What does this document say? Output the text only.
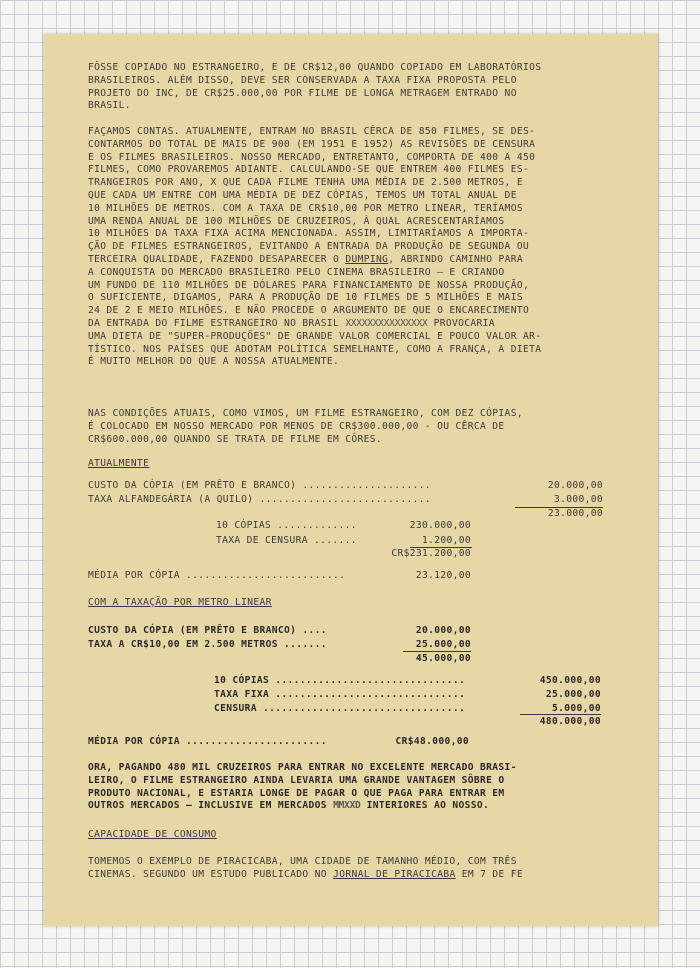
FÔSSE COPIADO NO ESTRANGEIRO, E DE CR$12,00 QUANDO COPIADO EM LABORATÓRIOS
BRASILEIROS. ALÉM DISSO, DEVE SER CONSERVADA A TAXA FIXA PROPOSTA PELO
PROJETO DO INC, DE CR$25.000,00 POR FILME DE LONGA METRAGEM ENTRADO NO
BRASIL.

FAÇAMOS CONTAS. ATUALMENTE, ENTRAM NO BRASIL CÊRCA DE 850 FILMES, SE DES-
CONTARMOS DO TOTAL DE MAIS DE 900 (EM 1951 E 1952) AS REVISÕES DE CENSURA
E OS FILMES BRASILEIROS. NOSSO MERCADO, ENTRETANTO, COMPORTA DE 400 A 450
FILMES, COMO PROVAREMOS ADIANTE. CALCULANDO-SE QUE ENTREM 400 FILMES ES-
TRANGEIROS POR ANO, X QUE CADA FILME TENHA UMA MÉDIA DE 2.500 METROS, E
QUE CADA UM ENTRE COM UMA MÉDIA DE DEZ CÓPIAS, TEMOS UM TOTAL ANUAL DE
10 MILHÕES DE METROS. COM A TAXA DE CR$10,00 POR METRO LINEAR, TERÍAMOS
UMA RENDA ANUAL DE 100 MILHÕES DE CRUZEIROS, À QUAL ACRESCENTARÍAMOS
10 MILHÕES DA TAXA FIXA ACIMA MENCIONADA. ASSIM, LIMITARÍAMOS A IMPORTA-
ÇÃO DE FILMES ESTRANGEIROS, EVITANDO A ENTRADA DA PRODUÇÃO DE SEGUNDA OU
TERCEIRA QUALIDADE, FAZENDO DESAPARECER O DUMPING, ABRINDO CAMINHO PARA
A CONQUISTA DO MERCADO BRASILEIRO PELO CINEMA BRASILEIRO — E CRIANDO
UM FUNDO DE 110 MILHÕES DE DÓLARES PARA FINANCIAMENTO DE NOSSA PRODUÇÃO,
O SUFICIENTE, DIGAMOS, PARA A PRODUÇÃO DE 10 FILMES DE 5 MILHÕES E MAIS
24 DE 2 E MEIO MILHÕES. E NÃO PROCEDE O ARGUMENTO DE QUE O ENCARECIMENTO
DA ENTRADA DO FILME ESTRANGEIRO NO BRASIL XXXXXXXXXXXXXXX PROVOCARIA
UMA DIETA DE "SUPER-PRODUÇÕES" DE GRANDE VALOR COMERCIAL E POUCO VALOR AR-
TÍSTICO. NOS PAÍSES QUE ADOTAM POLÍTICA SEMELHANTE, COMO A FRANÇA, A DIETA
É MUITO MELHOR DO QUE A NOSSA ATUALMENTE.

NAS CONDIÇÕES ATUAIS, COMO VIMOS, UM FILME ESTRANGEIRO, COM DEZ CÓPIAS,
É COLOCADO EM NOSSO MERCADO POR MENOS DE CR$300.000,00 - OU CÊRCA DE
CR$600.000,00 QUANDO SE TRATA DE FILME EM CÔRES.

ATUALMENTE
CUSTO DA CÓPIA (EM PRÊTO E BRANCO) .....................	20.000,00
TAXA ALFANDEGÁRIA (A QUILO) ............................	3.000,00
23.000,00
10 CÓPIAS .............	230.000,00
TAXA DE CENSURA .......	1.200,00
CR$231.200,00
MÉDIA POR CÓPIA ..........................	23.120,00
COM A TAXAÇÃO POR METRO LINEAR
CUSTO DA CÓPIA (EM PRÊTO E BRANCO) ....	20.000,00
TAXA A CR$10,00 EM 2.500 METROS .......	25.000,00
45.000,00
10 CÓPIAS ...............................	450.000,00
TAXA FIXA ...............................	25.000,00
CENSURA .................................	5.000,00
480.000,00
MÉDIA POR CÓPIA .......................	CR$48.000,00

ORA, PAGANDO 480 MIL CRUZEIROS PARA ENTRAR NO EXCELENTE MERCADO BRASI-
LEIRO, O FILME ESTRANGEIRO AINDA LEVARIA UMA GRANDE VANTAGEM SÔBRE O
PRODUTO NACIONAL, E ESTARIA LONGE DE PAGAR O QUE PAGA PARA ENTRAR EM
OUTROS MERCADOS — INCLUSIVE EM MERCADOS MMXXD INTERIORES AO NOSSO.

CAPACIDADE DE CONSUMO

TOMEMOS O EXEMPLO DE PIRACICABA, UMA CIDADE DE TAMANHO MÉDIO, COM TRÊS
CINEMAS. SEGUNDO UM ESTUDO PUBLICADO NO JORNAL DE PIRACICABA EM 7 DE FE
